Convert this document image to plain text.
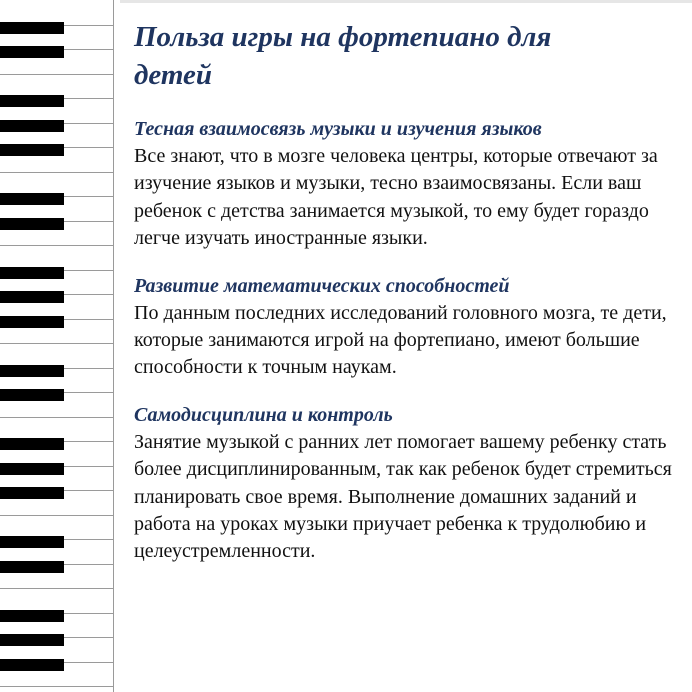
Польза игры на фортепиано для детей

Тесная взаимосвязь музыки и изучения языков

Все знают, что в мозге человека центры, которые отвечают за изучение языков и музыки, тесно взаимосвязаны. Если ваш ребенок с детства занимается музыкой, то ему будет гораздо легче изучать иностранные языки.

Развитие математических способностей

По данным последних исследований головного мозга, те дети, которые занимаются игрой на фортепиано, имеют большие способности к точным наукам.

Самодисциплина и контроль

Занятие музыкой с ранних лет помогает вашему ребенку стать более дисциплинированным, так как ребенок будет стремиться планировать свое время. Выполнение домашних заданий и работа на уроках музыки приучает ребенка к трудолюбию и целеустремленности.
